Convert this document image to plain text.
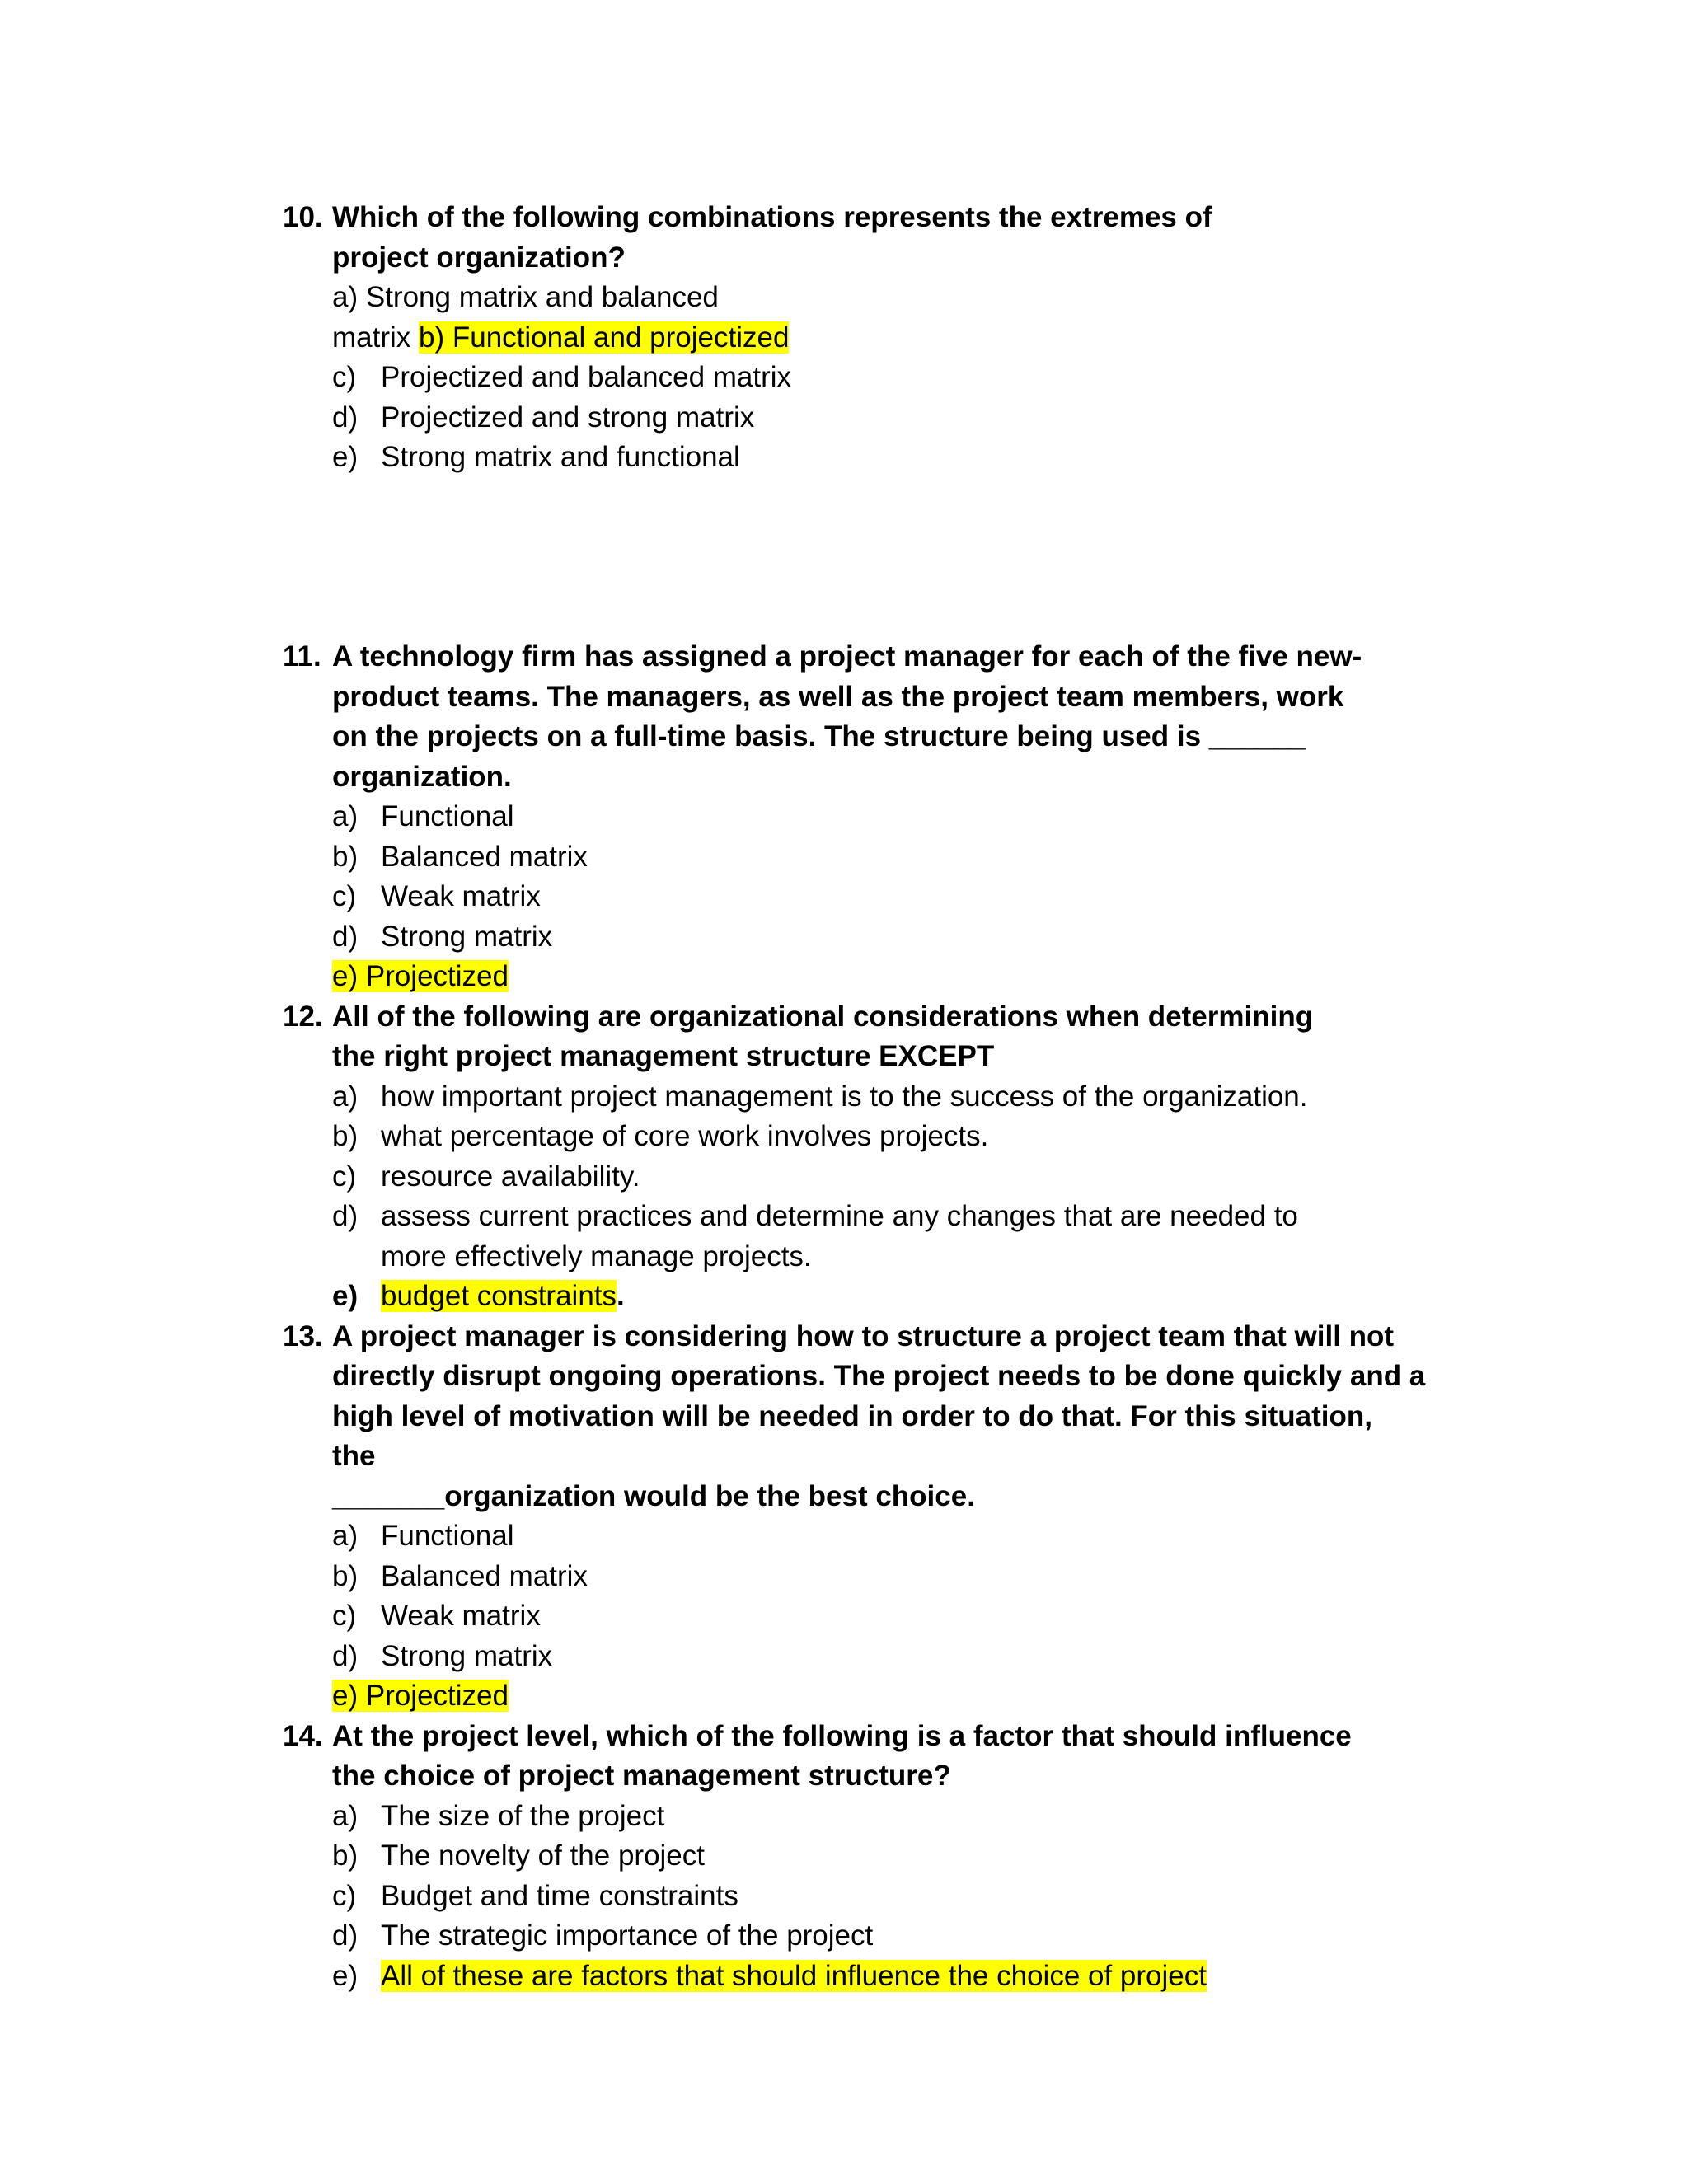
10. Which of the following combinations represents the extremes of
project organization?
a) Strong matrix and balanced
matrix b) Functional and projectized
c) Projectized and balanced matrix
d) Projectized and strong matrix
e) Strong matrix and functional
11. A technology firm has assigned a project manager for each of the five new-
product teams. The managers, as well as the project team members, work
on the projects on a full-time basis. The structure being used is ______
organization.
a) Functional
b) Balanced matrix
c) Weak matrix
d) Strong matrix
e) Projectized
12. All of the following are organizational considerations when determining
the right project management structure EXCEPT
a) how important project management is to the success of the organization.
b) what percentage of core work involves projects.
c) resource availability.
d) assess current practices and determine any changes that are needed to
more effectively manage projects.
e) budget constraints.
13. A project manager is considering how to structure a project team that will not
directly disrupt ongoing operations. The project needs to be done quickly and a
high level of motivation will be needed in order to do that. For this situation,
the
_______organization would be the best choice.
a) Functional
b) Balanced matrix
c) Weak matrix
d) Strong matrix
e) Projectized
14. At the project level, which of the following is a factor that should influence
the choice of project management structure?
a) The size of the project
b) The novelty of the project
c) Budget and time constraints
d) The strategic importance of the project
e) All of these are factors that should influence the choice of project
